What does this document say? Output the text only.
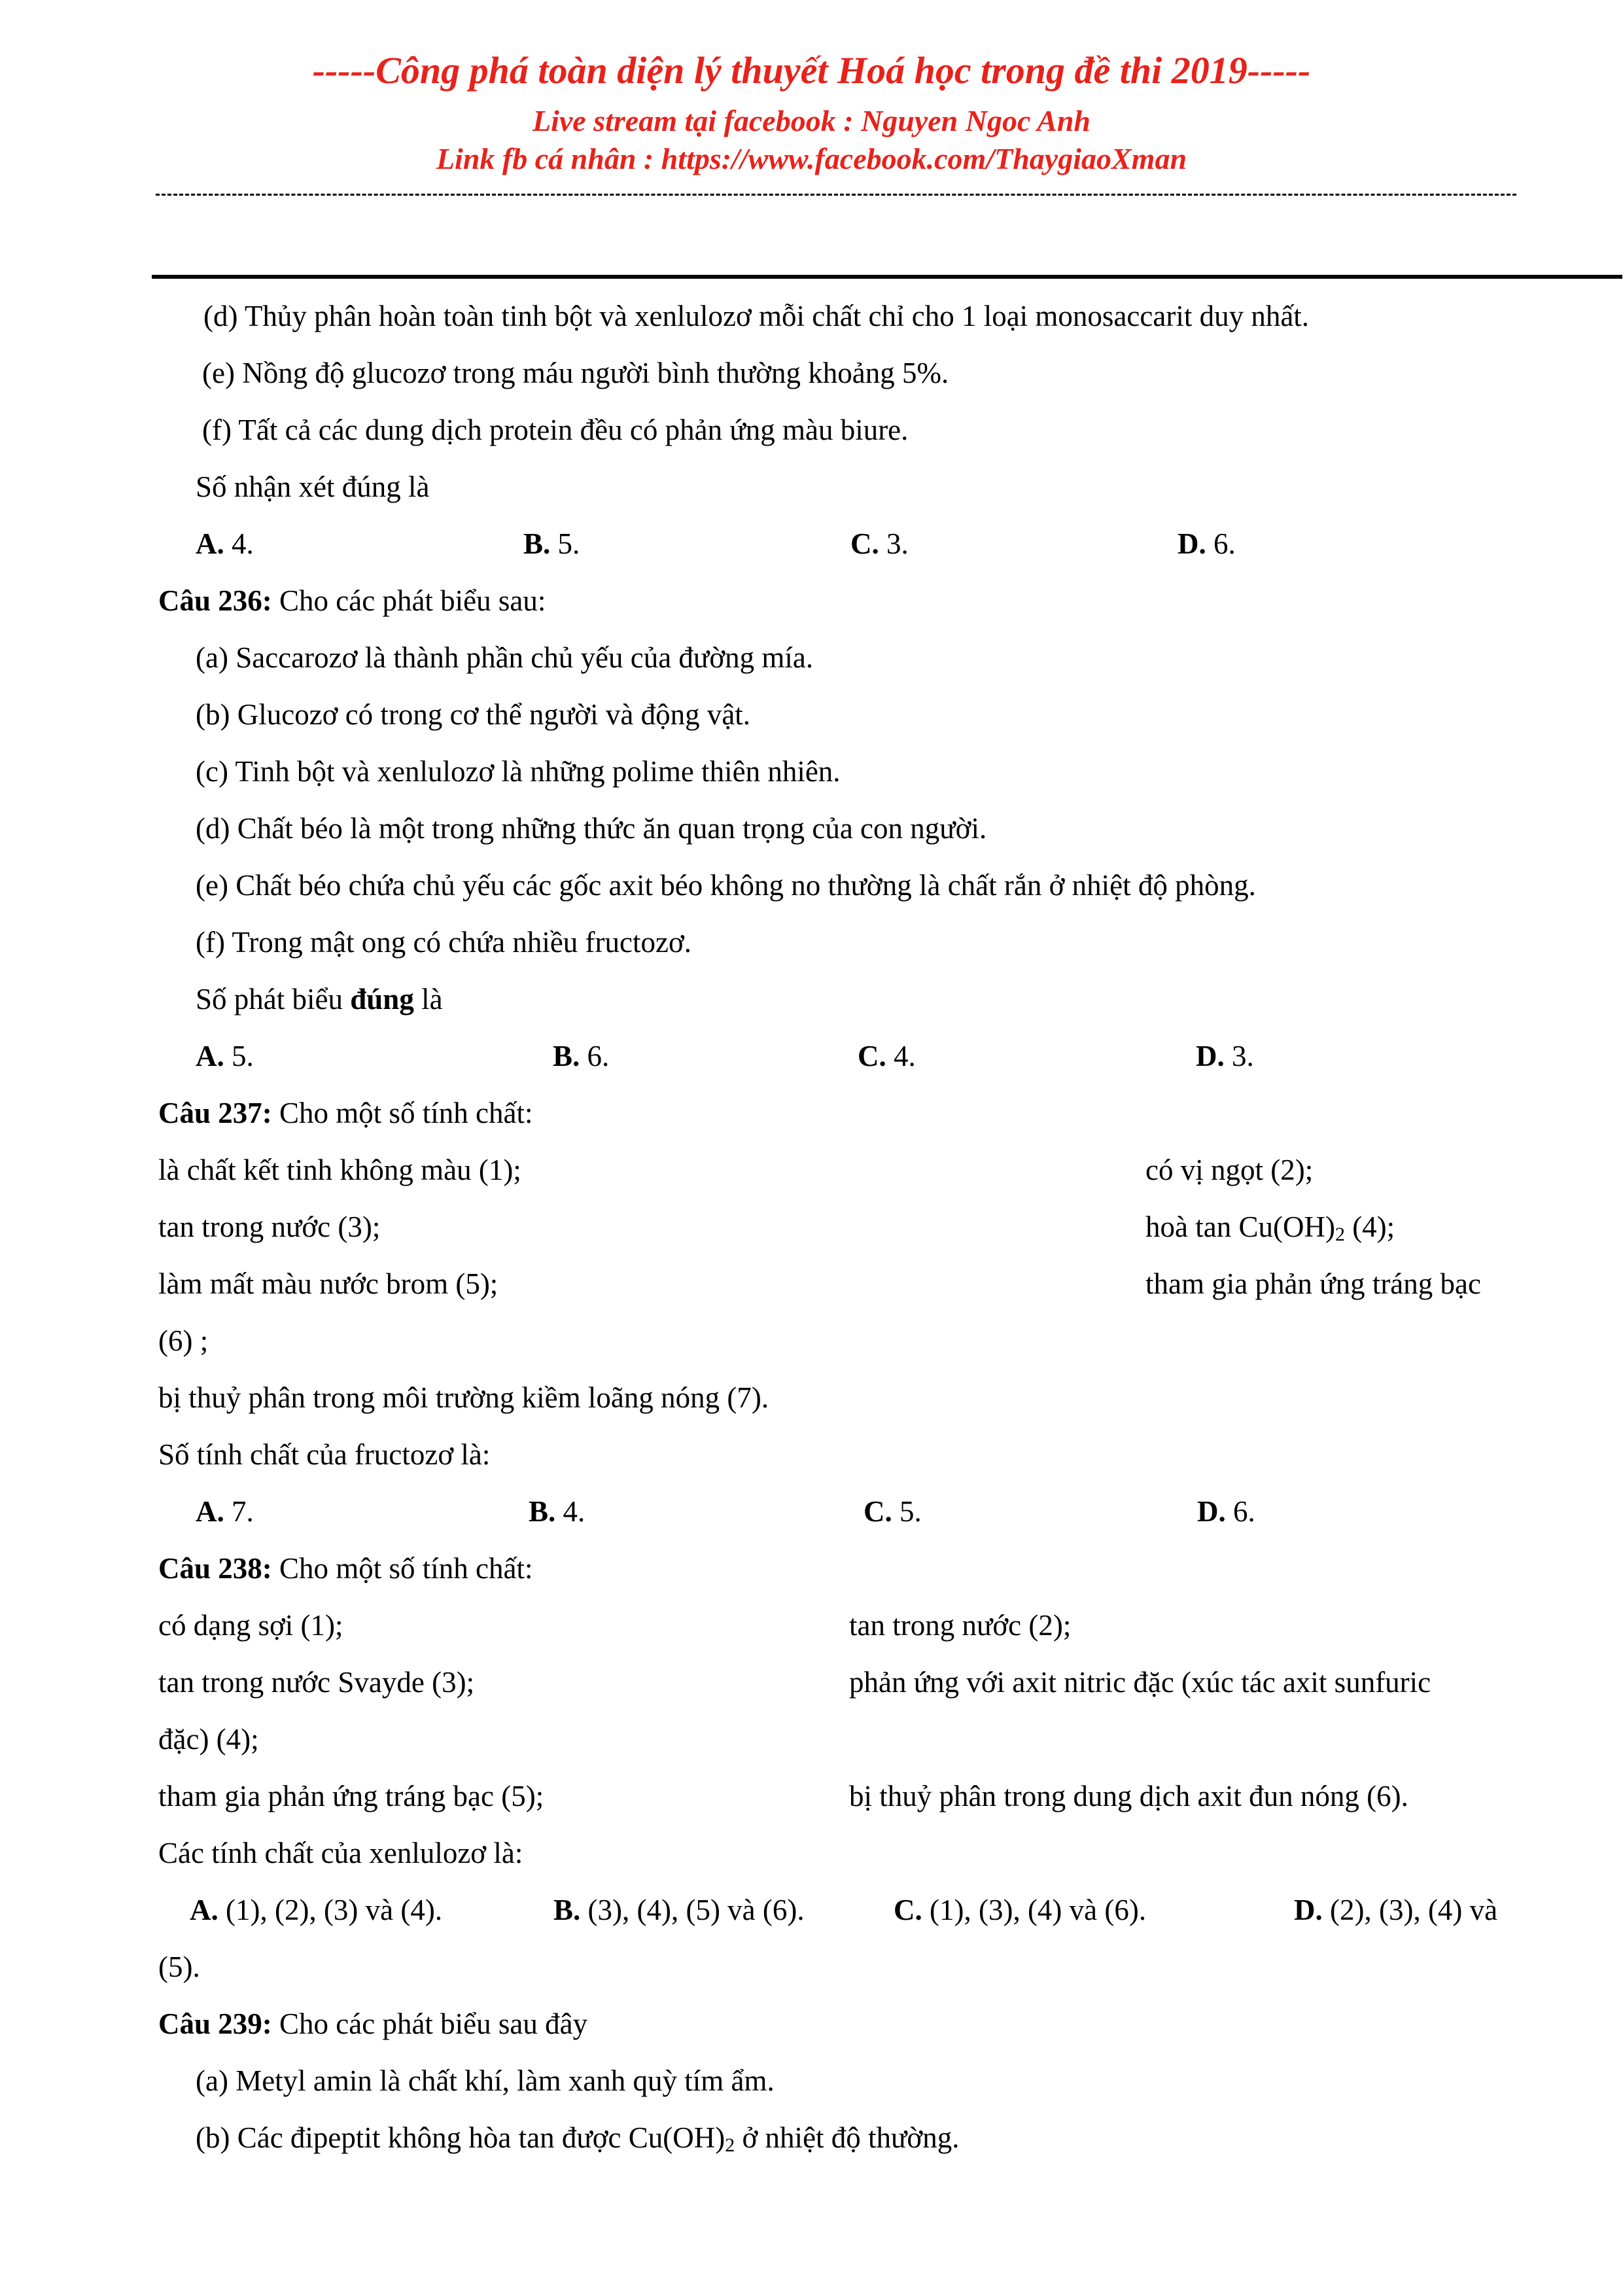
-----Công phá toàn diện lý thuyết Hoá học trong đề thi 2019-----
Live stream tại facebook : Nguyen Ngoc Anh
Link fb cá nhân : https://www.facebook.com/ThaygiaoXman
(d) Thủy phân hoàn toàn tinh bột và xenlulozơ mỗi chất chỉ cho 1 loại monosaccarit duy nhất.
(e) Nồng độ glucozơ trong máu người bình thường khoảng 5%.
(f) Tất cả các dung dịch protein đều có phản ứng màu biure.
Số nhận xét đúng là
A. 4.	B. 5.	C. 3.	D. 6.
Câu 236: Cho các phát biểu sau:
(a) Saccarozơ là thành phần chủ yếu của đường mía.
(b) Glucozơ có trong cơ thể người và động vật.
(c) Tinh bột và xenlulozơ là những polime thiên nhiên.
(d) Chất béo là một trong những thức ăn quan trọng của con người.
(e) Chất béo chứa chủ yếu các gốc axit béo không no thường là chất rắn ở nhiệt độ phòng.
(f) Trong mật ong có chứa nhiều fructozơ.
Số phát biểu đúng là
A. 5.	B. 6.	C. 4.	D. 3.
Câu 237: Cho một số tính chất:
là chất kết tinh không màu (1);	có vị ngọt (2);
tan trong nước (3);	hoà $\tan Cu(OH)_2$ (4);
làm mất màu nước brom (5);	tham gia phản ứng tráng bạc
(6) ;
bị thuỷ phân trong môi trường kiềm loãng nóng (7).
Số tính chất của fructozơ là:
A. 7.	B. 4.	C. 5.	D. 6.
Câu 238: Cho một số tính chất:
có dạng sợi (1);	tan trong nước (2);
tan trong nước Svayde (3);	phản ứng với axit nitric đặc (xúc tác axit sunfuric
đặc) (4);
tham gia phản ứng tráng bạc (5);	bị thuỷ phân trong dung dịch axit đun nóng (6).
Các tính chất của xenlulozơ là:
A. (1), (2), (3) và (4).	B. (3), (4), (5) và (6).	C. (1), (3), (4) và (6).	D. (2), (3), (4) và
(5).
Câu 239: Cho các phát biểu sau đây
(a) Metyl amin là chất khí, làm xanh quỳ tím ẩm.
(b) Các đipeptit không hòa tan được $Cu(OH)_2$ ở nhiệt độ thường.
